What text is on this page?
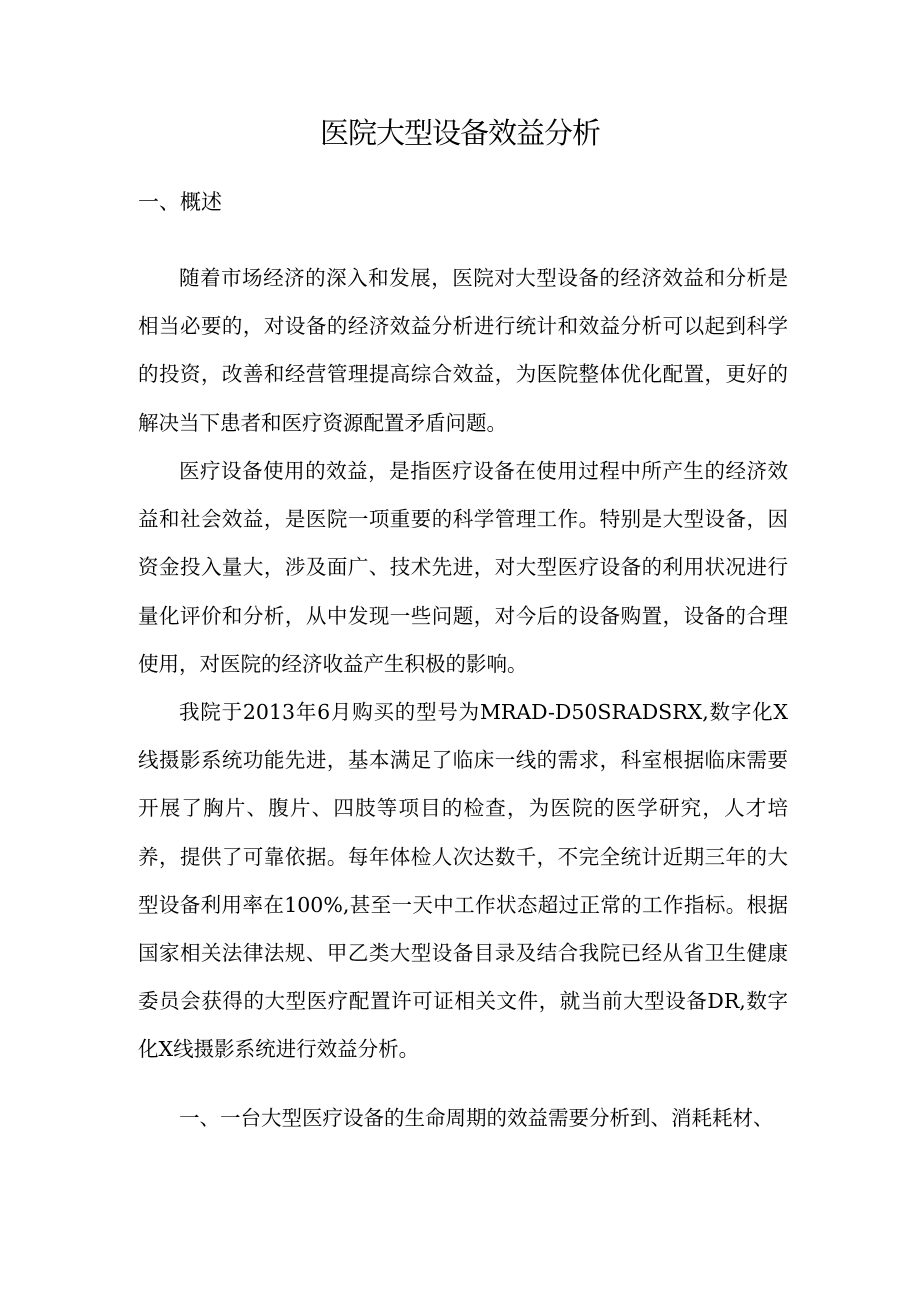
医院大型设备效益分析
一、概述

随着市场经济的深入和发展，医院对大型设备的经济效益和分析是相当必要的，对设备的经济效益分析进行统计和效益分析可以起到科学的投资，改善和经营管理提高综合效益，为医院整体优化配置，更好的解决当下患者和医疗资源配置矛盾问题。

医疗设备使用的效益，是指医疗设备在使用过程中所产生的经济效益和社会效益，是医院一项重要的科学管理工作。特别是大型设备，因资金投入量大，涉及面广、技术先进，对大型医疗设备的利用状况进行量化评价和分析，从中发现一些问题，对今后的设备购置，设备的合理使用，对医院的经济收益产生积极的影响。

我院于2013年6月购买的型号为MRAD-D50SRADSRX,数字化X线摄影系统功能先进，基本满足了临床一线的需求，科室根据临床需要开展了胸片、腹片、四肢等项目的检查，为医院的医学研究，人才培养，提供了可靠依据。每年体检人次达数千，不完全统计近期三年的大型设备利用率在100%,甚至一天中工作状态超过正常的工作指标。根据国家相关法律法规、甲乙类大型设备目录及结合我院已经从省卫生健康委员会获得的大型医疗配置许可证相关文件，就当前大型设备DR,数字化X线摄影系统进行效益分析。

一、一台大型医疗设备的生命周期的效益需要分析到、消耗耗材、
